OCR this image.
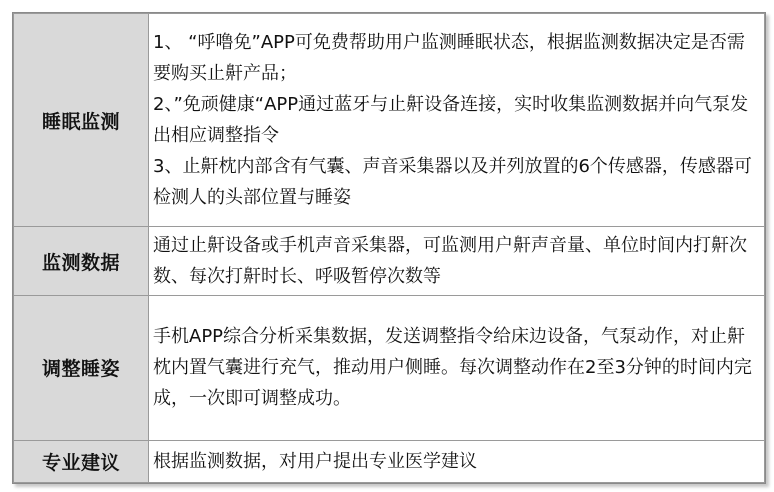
睡眠监测	1、 “呼噜免”APP可免费帮助用户监测睡眠状态，根据监测数据决定是否需要购买止鼾产品；
2、”免顽健康“APP通过蓝牙与止鼾设备连接，实时收集监测数据并向气泵发出相应调整指令
3、止鼾枕内部含有气囊、声音采集器以及并列放置的6个传感器，传感器可检测人的头部位置与睡姿

监测数据	通过止鼾设备或手机声音采集器，可监测用户鼾声音量、单位时间内打鼾次数、每次打鼾时长、呼吸暂停次数等

调整睡姿	手机APP综合分析采集数据，发送调整指令给床边设备，气泵动作，对止鼾枕内置气囊进行充气，推动用户侧睡。每次调整动作在2至3分钟的时间内完成，一次即可调整成功。

专业建议	根据监测数据，对用户提出专业医学建议
